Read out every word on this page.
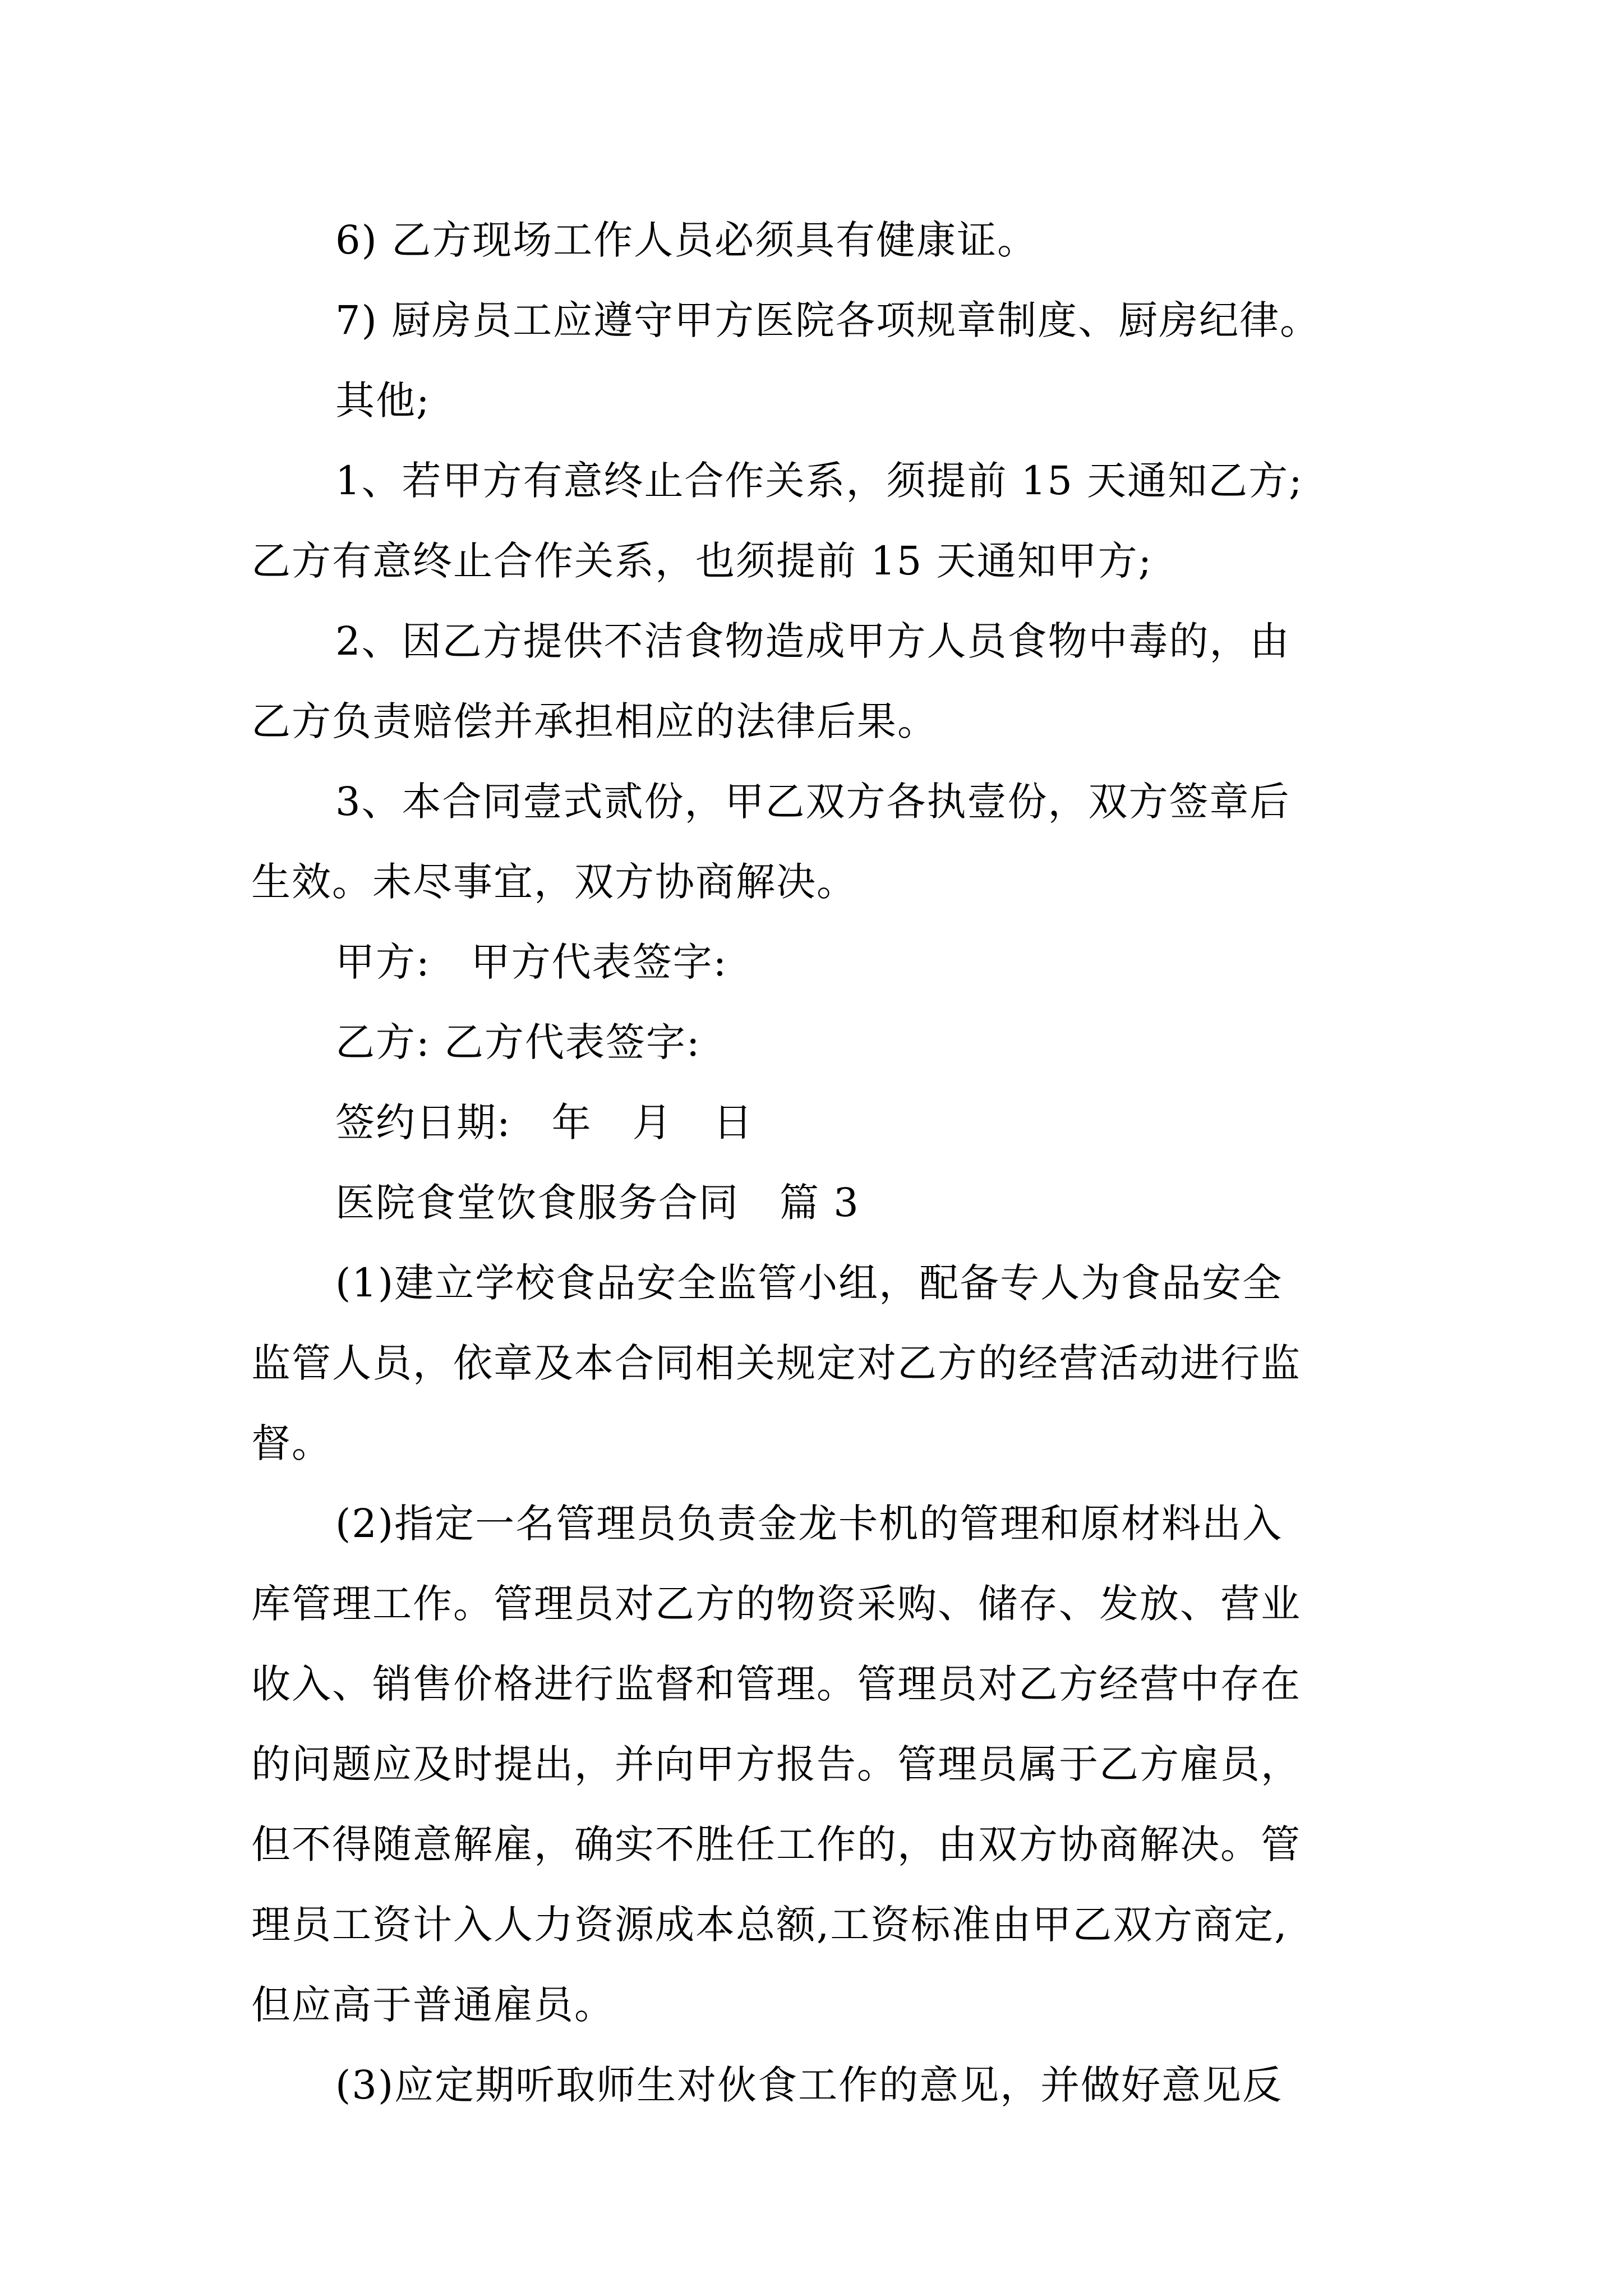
6) 乙方现场工作人员必须具有健康证。
7) 厨房员工应遵守甲方医院各项规章制度、厨房纪律。
其他;
1、若甲方有意终止合作关系，须提前 15 天通知乙方;
乙方有意终止合作关系，也须提前 15 天通知甲方;
2、因乙方提供不洁食物造成甲方人员食物中毒的，由
乙方负责赔偿并承担相应的法律后果。
3、本合同壹式贰份，甲乙双方各执壹份，双方签章后
生效。未尽事宜，双方协商解决。
甲方:　甲方代表签字:
乙方: 乙方代表签字:
签约日期:　年　月　日
医院食堂饮食服务合同　篇 3
(1)建立学校食品安全监管小组，配备专人为食品安全
监管人员，依章及本合同相关规定对乙方的经营活动进行监
督。
(2)指定一名管理员负责金龙卡机的管理和原材料出入
库管理工作。管理员对乙方的物资采购、储存、发放、营业
收入、销售价格进行监督和管理。管理员对乙方经营中存在
的问题应及时提出，并向甲方报告。管理员属于乙方雇员，
但不得随意解雇，确实不胜任工作的，由双方协商解决。管
理员工资计入人力资源成本总额,工资标准由甲乙双方商定,
但应高于普通雇员。
(3)应定期听取师生对伙食工作的意见，并做好意见反
